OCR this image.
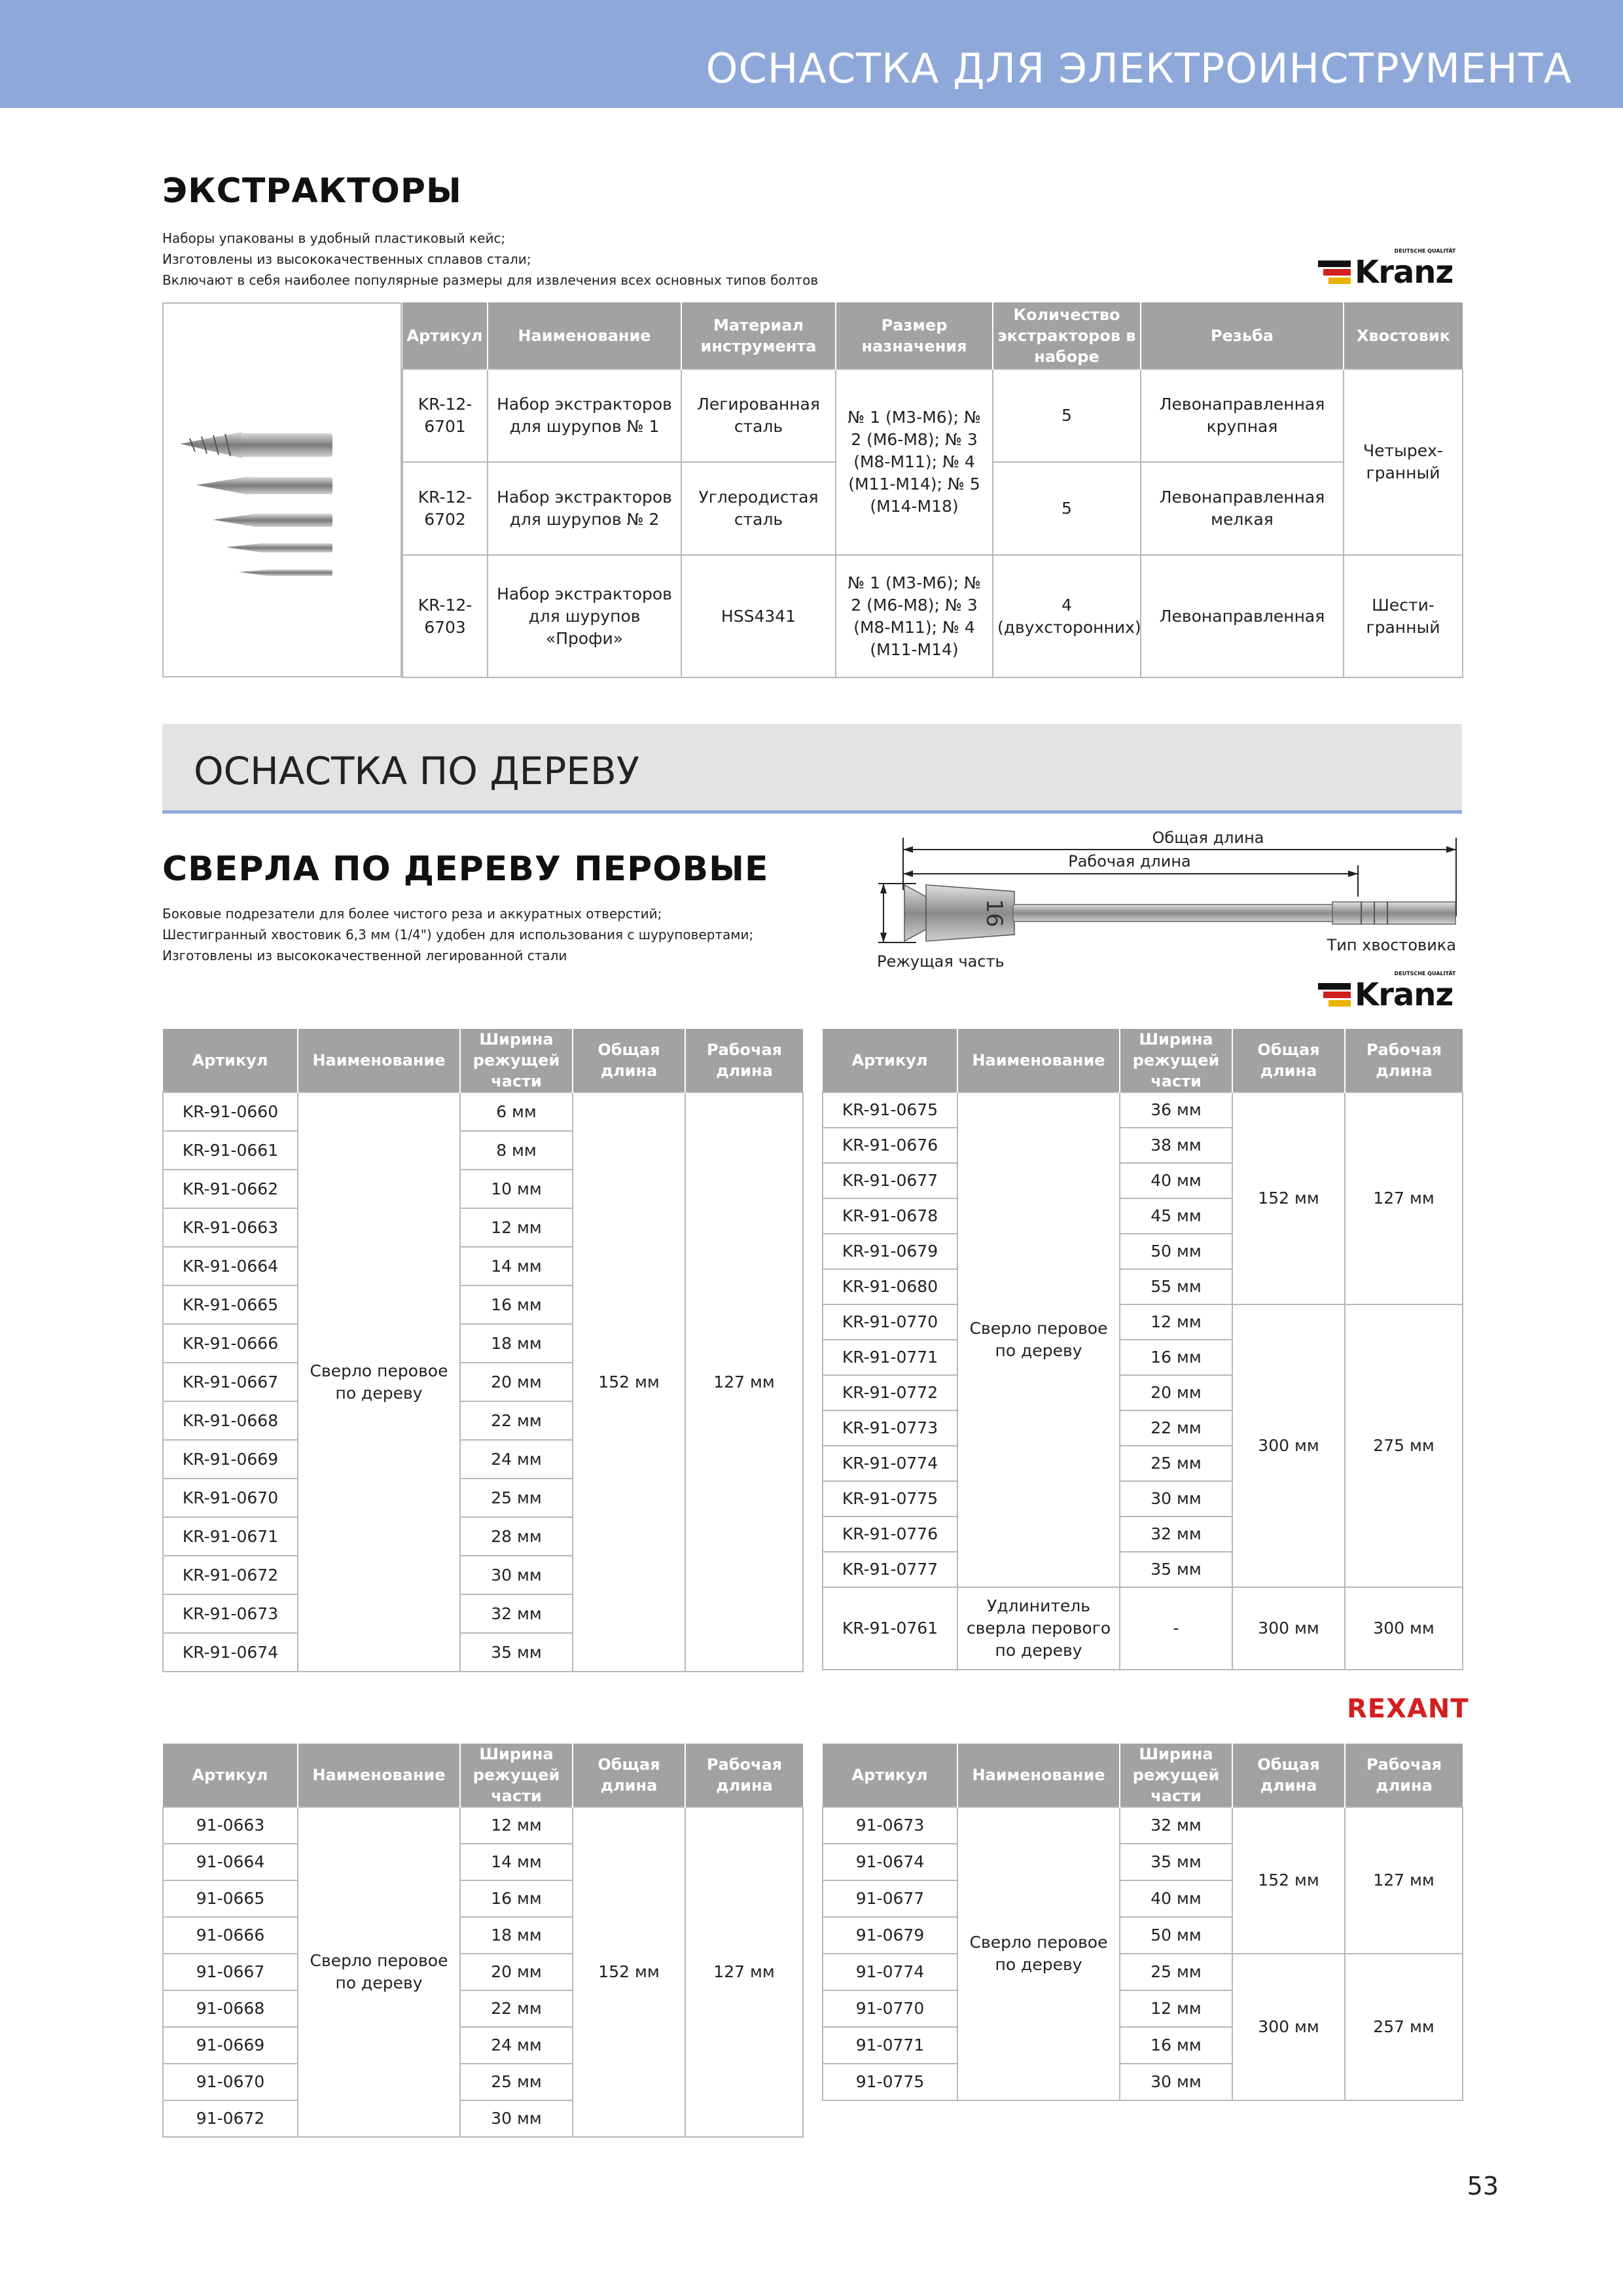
ОСНАСТКА ДЛЯ ЭЛЕКТРОИНСТРУМЕНТА
ЭКСТРАКТОРЫ
Наборы упакованы в удобный пластиковый кейс;
Изготовлены из высококачественных сплавов стали;
Включают в себя наиболее популярные размеры для извлечения всех основных типов болтов	Kranz
DEUTSCHE QUALITÄT
Артикул	Наименование	Материал инструмента	Размер назначения	Количество экстракторов в наборе	Резьба	Хвостовик
KR-12-6701	Набор экстракторов для шурупов № 1	Легированная сталь	№ 1 (M3-M6); № 2 (M6-M8); № 3 (M8-M11); № 4 (M11-M14); № 5 (M14-M18)	5	Левонаправленная крупная	Четырех-гранный
KR-12-6702	Набор экстракторов для шурупов № 2	Углеродистая сталь		5	Левонаправленная мелкая	
KR-12-6703	Набор экстракторов для шурупов «Профи»	HSS4341	№ 1 (M3-M6); № 2 (M6-M8); № 3 (M8-M11); № 4 (M11-M14)	4 (двухсторонних)	Левонаправленная	Шести-гранный
ОСНАСТКА ПО ДЕРЕВУ
СВЕРЛА ПО ДЕРЕВУ ПЕРОВЫЕ
Боковые подрезатели для более чистого реза и аккуратных отверстий;
Шестигранный хвостовик 6,3 мм (1/4") удобен для использования с шуруповертами;
Изготовлены из высококачественной легированной стали
16
Общая длина
Рабочая длина
Режущая часть
Тип хвостовика
Kranz
DEUTSCHE QUALITÄT
Артикул	Наименование	Ширина режущей части	Общая длина	Рабочая длина
KR-91-0660	Сверло перовое по дереву	6 мм	152 мм	127 мм
KR-91-0661		8 мм		
KR-91-0662		10 мм		
KR-91-0663		12 мм		
KR-91-0664		14 мм		
KR-91-0665		16 мм		
KR-91-0666		18 мм		
KR-91-0667		20 мм		
KR-91-0668		22 мм		
KR-91-0669		24 мм		
KR-91-0670		25 мм		
KR-91-0671		28 мм		
KR-91-0672		30 мм		
KR-91-0673		32 мм		
KR-91-0674		35 мм		
Артикул	Наименование	Ширина режущей части	Общая длина	Рабочая длина
KR-91-0675	Сверло перовое по дереву	36 мм	152 мм	127 мм
KR-91-0676		38 мм		
KR-91-0677		40 мм		
KR-91-0678		45 мм		
KR-91-0679		50 мм		
KR-91-0680		55 мм		
KR-91-0770		12 мм	300 мм	275 мм
KR-91-0771		16 мм		
KR-91-0772		20 мм		
KR-91-0773		22 мм		
KR-91-0774		25 мм		
KR-91-0775		30 мм		
KR-91-0776		32 мм		
KR-91-0777		35 мм		
KR-91-0761	Удлинитель сверла перового по дереву	-	300 мм	300 мм
REXANT
Артикул	Наименование	Ширина режущей части	Общая длина	Рабочая длина
91-0663	Сверло перовое по дереву	12 мм	152 мм	127 мм
91-0664		14 мм		
91-0665		16 мм		
91-0666		18 мм		
91-0667		20 мм		
91-0668		22 мм		
91-0669		24 мм		
91-0670		25 мм		
91-0672		30 мм		
Артикул	Наименование	Ширина режущей части	Общая длина	Рабочая длина
91-0673	Сверло перовое по дереву	32 мм	152 мм	127 мм
91-0674		35 мм		
91-0677		40 мм		
91-0679		50 мм		
91-0774		25 мм	300 мм	257 мм
91-0770		12 мм		
91-0771		16 мм		
91-0775		30 мм		
53
